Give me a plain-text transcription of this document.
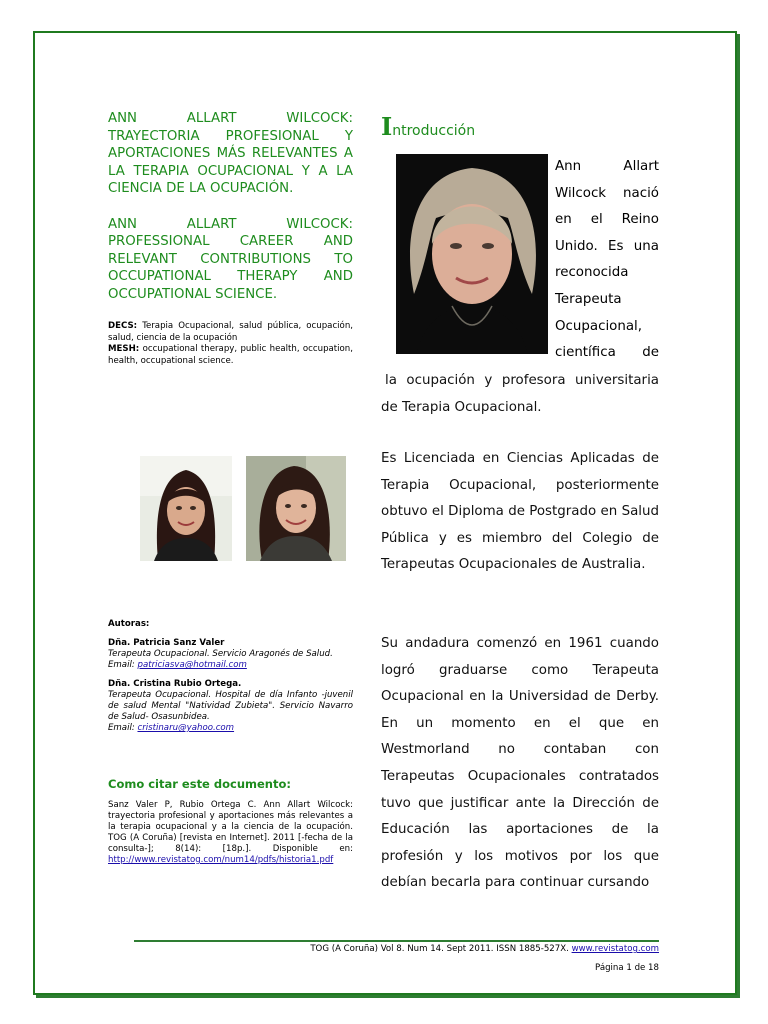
ANN ALLART WILCOCK: TRAYECTORIA PROFESIONAL Y APORTACIONES MÁS RELEVANTES A LA TERAPIA OCUPACIONAL Y A LA CIENCIA DE LA OCUPACIÓN.
ANN ALLART WILCOCK: PROFESSIONAL CAREER AND RELEVANT CONTRIBUTIONS TO OCCUPATIONAL THERAPY AND OCCUPATIONAL SCIENCE.
DECS: Terapia Ocupacional, salud pública, ocupación, salud, ciencia de la ocupación
MESH: occupational therapy, public health, occupation, health, occupational science.
Autoras:
Dña. Patricia Sanz Valer
Terapeuta Ocupacional. Servicio Aragonés de Salud.
Email: patriciasva@hotmail.com
Dña. Cristina Rubio Ortega.
Terapeuta Ocupacional. Hospital de día Infanto -juvenil de salud Mental "Natividad Zubieta". Servicio Navarro de Salud- Osasunbidea.
Email: cristinaru@yahoo.com
Como citar este documento:
Sanz Valer P, Rubio Ortega C. Ann Allart Wilcock: trayectoria profesional y aportaciones más relevantes a la terapia ocupacional y a la ciencia de la ocupación. TOG (A Coruña) [revista en Internet]. 2011 [-fecha de la consulta-]; 8(14): [18p.]. Disponible en: http://www.revistatog.com/num14/pdfs/historia1.pdf
Introducción
Ann Allart
Wilcock nació
en el Reino
Unido. Es una
reconocida
Terapeuta
Ocupacional,
científica de
la ocupación y profesora universitaria de Terapia Ocupacional.
Es Licenciada en Ciencias Aplicadas de Terapia Ocupacional, posteriormente obtuvo el Diploma de Postgrado en Salud Pública y es miembro del Colegio de Terapeutas Ocupacionales de Australia.
Su andadura comenzó en 1961 cuando logró graduarse como Terapeuta Ocupacional en la Universidad de Derby. En un momento en el que en Westmorland no contaban con Terapeutas Ocupacionales contratados tuvo que justificar ante la Dirección de Educación las aportaciones de la profesión y los motivos por los que debían becarla para continuar cursando
TOG (A Coruña) Vol 8. Num 14. Sept 2011. ISSN 1885-527X. www.revistatog.com
Página 1 de 18
